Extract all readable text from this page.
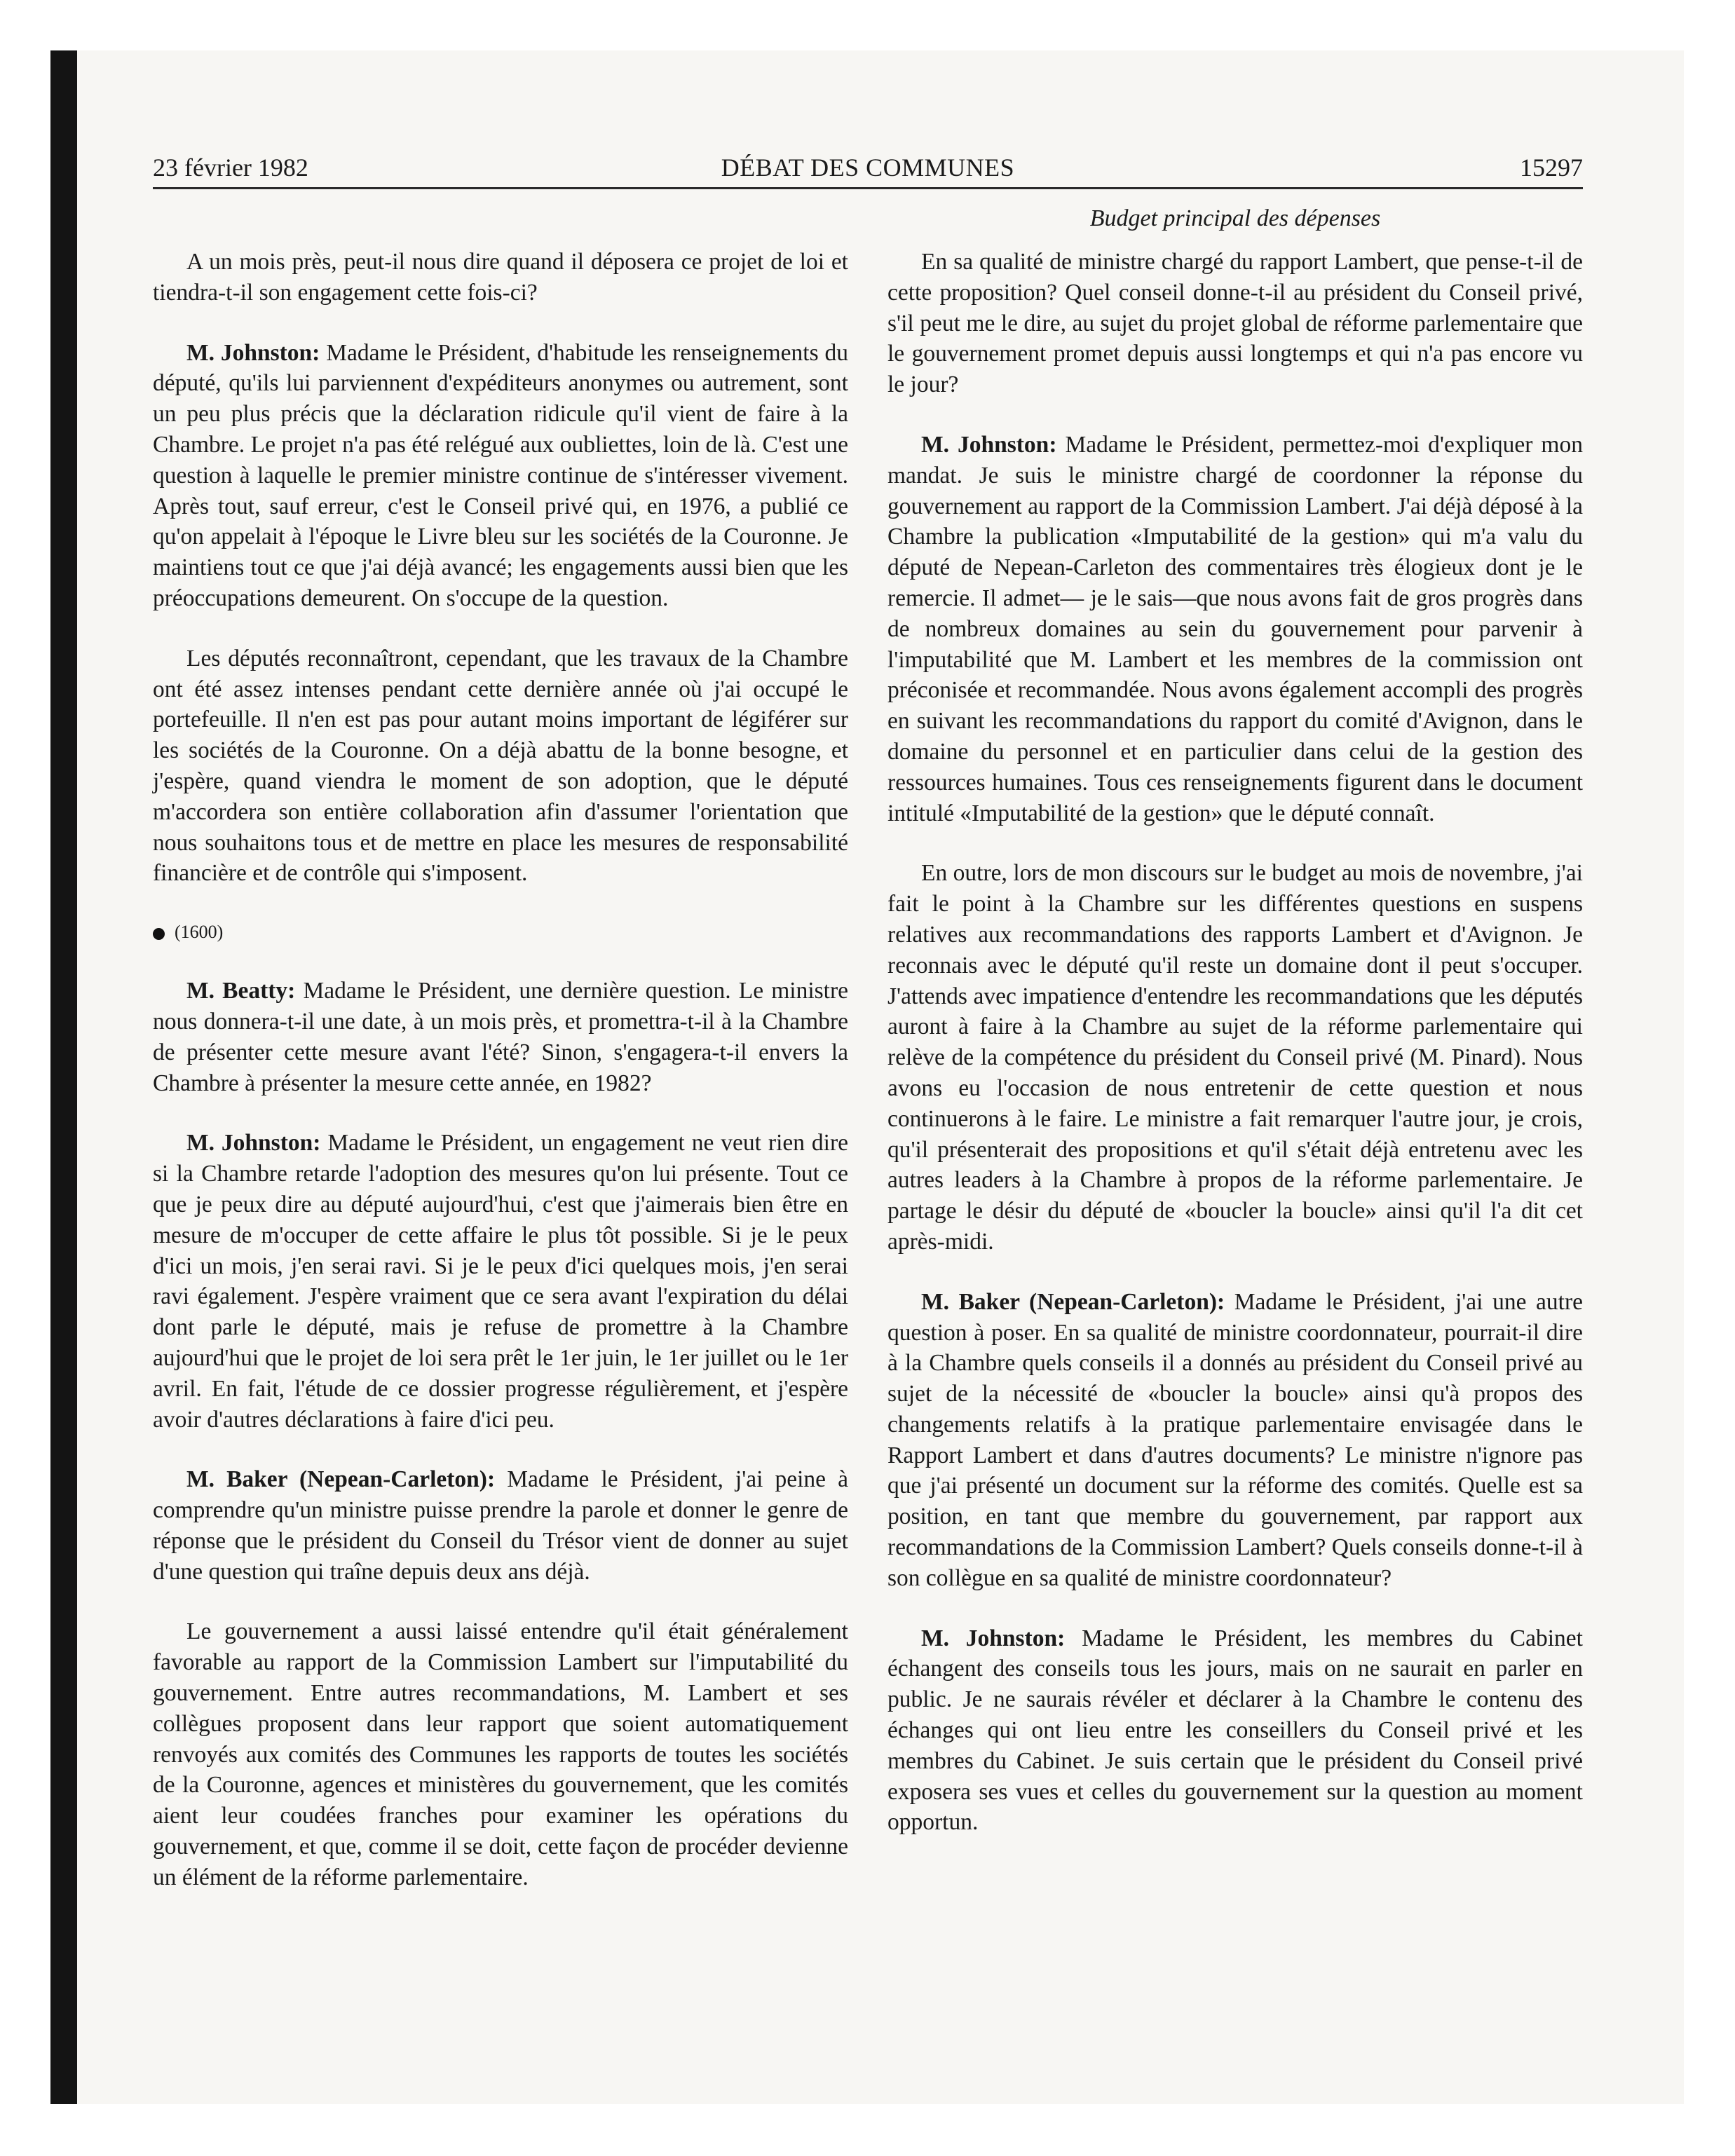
23 février 1982	DÉBAT DES COMMUNES	15297
Budget principal des dépenses

A un mois près, peut-il nous dire quand il déposera ce projet de loi et tiendra-t-il son engagement cette fois-ci?

M. Johnston: Madame le Président, d'habitude les renseignements du député, qu'ils lui parviennent d'expéditeurs anonymes ou autrement, sont un peu plus précis que la déclaration ridicule qu'il vient de faire à la Chambre. Le projet n'a pas été relégué aux oubliettes, loin de là. C'est une question à laquelle le premier ministre continue de s'intéresser vivement. Après tout, sauf erreur, c'est le Conseil privé qui, en 1976, a publié ce qu'on appelait à l'époque le Livre bleu sur les sociétés de la Couronne. Je maintiens tout ce que j'ai déjà avancé; les engagements aussi bien que les préoccupations demeurent. On s'occupe de la question.

Les députés reconnaîtront, cependant, que les travaux de la Chambre ont été assez intenses pendant cette dernière année où j'ai occupé le portefeuille. Il n'en est pas pour autant moins important de légiférer sur les sociétés de la Couronne. On a déjà abattu de la bonne besogne, et j'espère, quand viendra le moment de son adoption, que le député m'accordera son entière collaboration afin d'assumer l'orientation que nous souhaitons tous et de mettre en place les mesures de responsabilité financière et de contrôle qui s'imposent.

(1600)

M. Beatty: Madame le Président, une dernière question. Le ministre nous donnera-t-il une date, à un mois près, et promettra-t-il à la Chambre de présenter cette mesure avant l'été? Sinon, s'engagera-t-il envers la Chambre à présenter la mesure cette année, en 1982?

M. Johnston: Madame le Président, un engagement ne veut rien dire si la Chambre retarde l'adoption des mesures qu'on lui présente. Tout ce que je peux dire au député aujourd'hui, c'est que j'aimerais bien être en mesure de m'occuper de cette affaire le plus tôt possible. Si je le peux d'ici un mois, j'en serai ravi. Si je le peux d'ici quelques mois, j'en serai ravi également. J'espère vraiment que ce sera avant l'expiration du délai dont parle le député, mais je refuse de promettre à la Chambre aujourd'hui que le projet de loi sera prêt le 1er juin, le 1er juillet ou le 1er avril. En fait, l'étude de ce dossier progresse régulièrement, et j'espère avoir d'autres déclarations à faire d'ici peu.

M. Baker (Nepean-Carleton): Madame le Président, j'ai peine à comprendre qu'un ministre puisse prendre la parole et donner le genre de réponse que le président du Conseil du Trésor vient de donner au sujet d'une question qui traîne depuis deux ans déjà.

Le gouvernement a aussi laissé entendre qu'il était généralement favorable au rapport de la Commission Lambert sur l'imputabilité du gouvernement. Entre autres recommandations, M. Lambert et ses collègues proposent dans leur rapport que soient automatiquement renvoyés aux comités des Communes les rapports de toutes les sociétés de la Couronne, agences et ministères du gouvernement, que les comités aient leur coudées franches pour examiner les opérations du gouvernement, et que, comme il se doit, cette façon de procéder devienne un élément de la réforme parlementaire.

En sa qualité de ministre chargé du rapport Lambert, que pense-t-il de cette proposition? Quel conseil donne-t-il au président du Conseil privé, s'il peut me le dire, au sujet du projet global de réforme parlementaire que le gouvernement promet depuis aussi longtemps et qui n'a pas encore vu le jour?

M. Johnston: Madame le Président, permettez-moi d'expliquer mon mandat. Je suis le ministre chargé de coordonner la réponse du gouvernement au rapport de la Commission Lambert. J'ai déjà déposé à la Chambre la publication «Imputabilité de la gestion» qui m'a valu du député de Nepean-Carleton des commentaires très élogieux dont je le remercie. Il admet— je le sais—que nous avons fait de gros progrès dans de nombreux domaines au sein du gouvernement pour parvenir à l'imputabilité que M. Lambert et les membres de la commission ont préconisée et recommandée. Nous avons également accompli des progrès en suivant les recommandations du rapport du comité d'Avignon, dans le domaine du personnel et en particulier dans celui de la gestion des ressources humaines. Tous ces renseignements figurent dans le document intitulé «Imputabilité de la gestion» que le député connaît.

En outre, lors de mon discours sur le budget au mois de novembre, j'ai fait le point à la Chambre sur les différentes questions en suspens relatives aux recommandations des rapports Lambert et d'Avignon. Je reconnais avec le député qu'il reste un domaine dont il peut s'occuper. J'attends avec impatience d'entendre les recommandations que les députés auront à faire à la Chambre au sujet de la réforme parlementaire qui relève de la compétence du président du Conseil privé (M. Pinard). Nous avons eu l'occasion de nous entretenir de cette question et nous continuerons à le faire. Le ministre a fait remarquer l'autre jour, je crois, qu'il présenterait des propositions et qu'il s'était déjà entretenu avec les autres leaders à la Chambre à propos de la réforme parlementaire. Je partage le désir du député de «boucler la boucle» ainsi qu'il l'a dit cet après-midi.

M. Baker (Nepean-Carleton): Madame le Président, j'ai une autre question à poser. En sa qualité de ministre coordonnateur, pourrait-il dire à la Chambre quels conseils il a donnés au président du Conseil privé au sujet de la nécessité de «boucler la boucle» ainsi qu'à propos des changements relatifs à la pratique parlementaire envisagée dans le Rapport Lambert et dans d'autres documents? Le ministre n'ignore pas que j'ai présenté un document sur la réforme des comités. Quelle est sa position, en tant que membre du gouvernement, par rapport aux recommandations de la Commission Lambert? Quels conseils donne-t-il à son collègue en sa qualité de ministre coordonnateur?

M. Johnston: Madame le Président, les membres du Cabinet échangent des conseils tous les jours, mais on ne saurait en parler en public. Je ne saurais révéler et déclarer à la Chambre le contenu des échanges qui ont lieu entre les conseillers du Conseil privé et les membres du Cabinet. Je suis certain que le président du Conseil privé exposera ses vues et celles du gouvernement sur la question au moment opportun.
